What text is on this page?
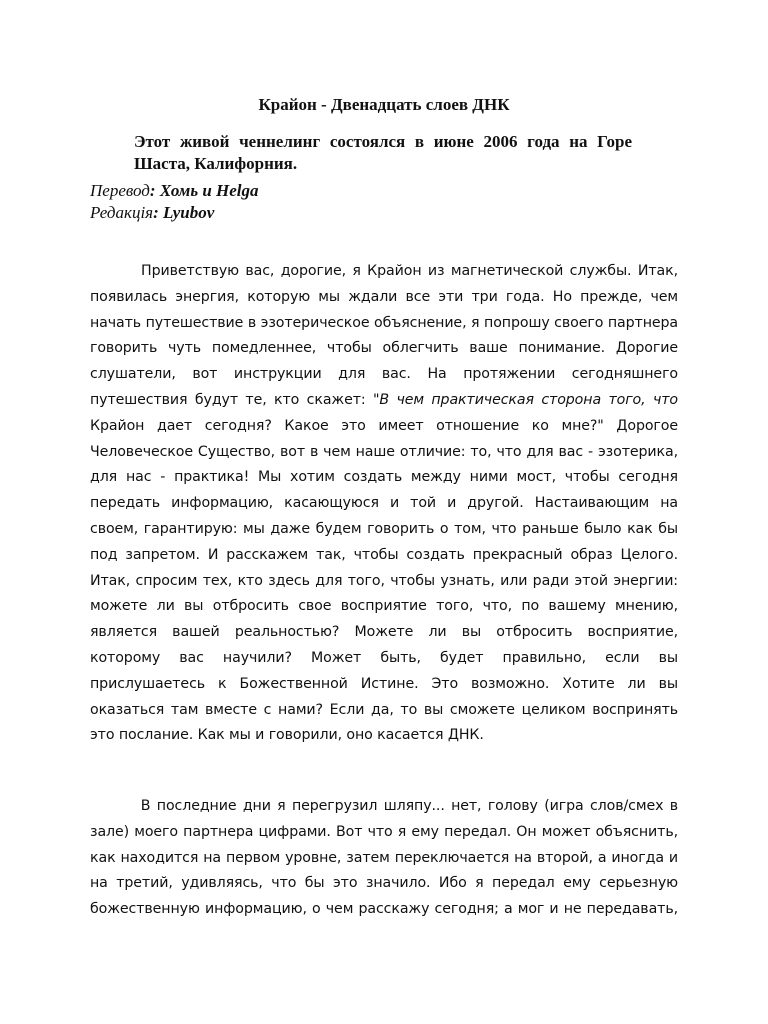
Крайон - Двенадцать слоев ДНК
Этот живой ченнелинг состоялся в июне 2006 года на Горе Шаста, Калифорния.
Перевод: Хомь и Helga
Редакція: Lyubov
Приветствую вас, дорогие, я Крайон из магнетической службы. Итак,
появилась энергия, которую мы ждали все эти три года. Но прежде, чем
начать путешествие в эзотерическое объяснение, я попрошу своего партнера
говорить чуть помедленнее, чтобы облегчить ваше понимание. Дорогие
слушатели, вот инструкции для вас. На протяжении сегодняшнего
путешествия будут те, кто скажет: "В чем практическая сторона того, что
Крайон дает сегодня? Какое это имеет отношение ко мне?" Дорогое
Человеческое Существо, вот в чем наше отличие: то, что для вас - эзотерика,
для нас - практика! Мы хотим создать между ними мост, чтобы сегодня
передать информацию, касающуюся и той и другой. Настаивающим на
своем, гарантирую: мы даже будем говорить о том, что раньше было как бы
под запретом. И расскажем так, чтобы создать прекрасный образ Целого.
Итак, спросим тех, кто здесь для того, чтобы узнать, или ради этой энергии:
можете ли вы отбросить свое восприятие того, что, по вашему мнению,
является вашей реальностью? Можете ли вы отбросить восприятие,
которому вас научили? Может быть, будет правильно, если вы
прислушаетесь к Божественной Истине. Это возможно. Хотите ли вы
оказаться там вместе с нами? Если да, то вы сможете целиком воспринять
это послание. Как мы и говорили, оно касается ДНК.
В последние дни я перегрузил шляпу... нет, голову (игра слов/смех в
зале) моего партнера цифрами. Вот что я ему передал. Он может объяснить,
как находится на первом уровне, затем переключается на второй, а иногда и
на третий, удивляясь, что бы это значило. Ибо я передал ему серьезную
божественную информацию, о чем расскажу сегодня; а мог и не передавать,
